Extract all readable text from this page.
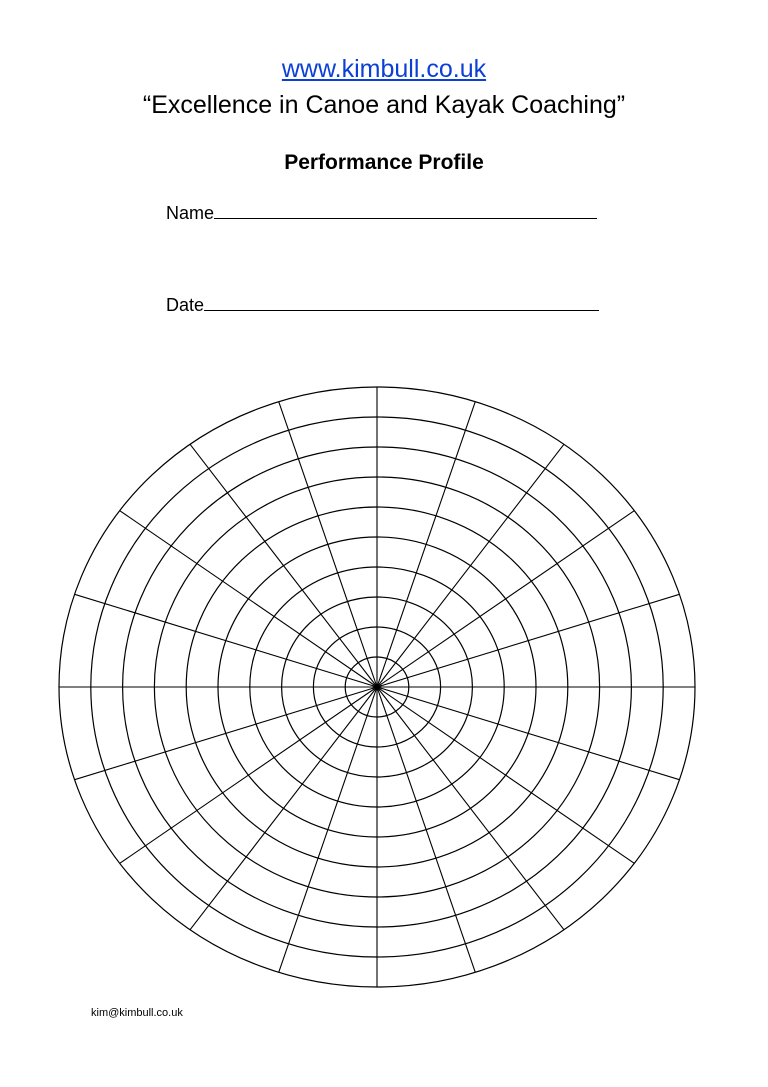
www.kimbull.co.uk
“Excellence in Canoe and Kayak Coaching”
Performance Profile
Name
Date
kim@kimbull.co.uk
